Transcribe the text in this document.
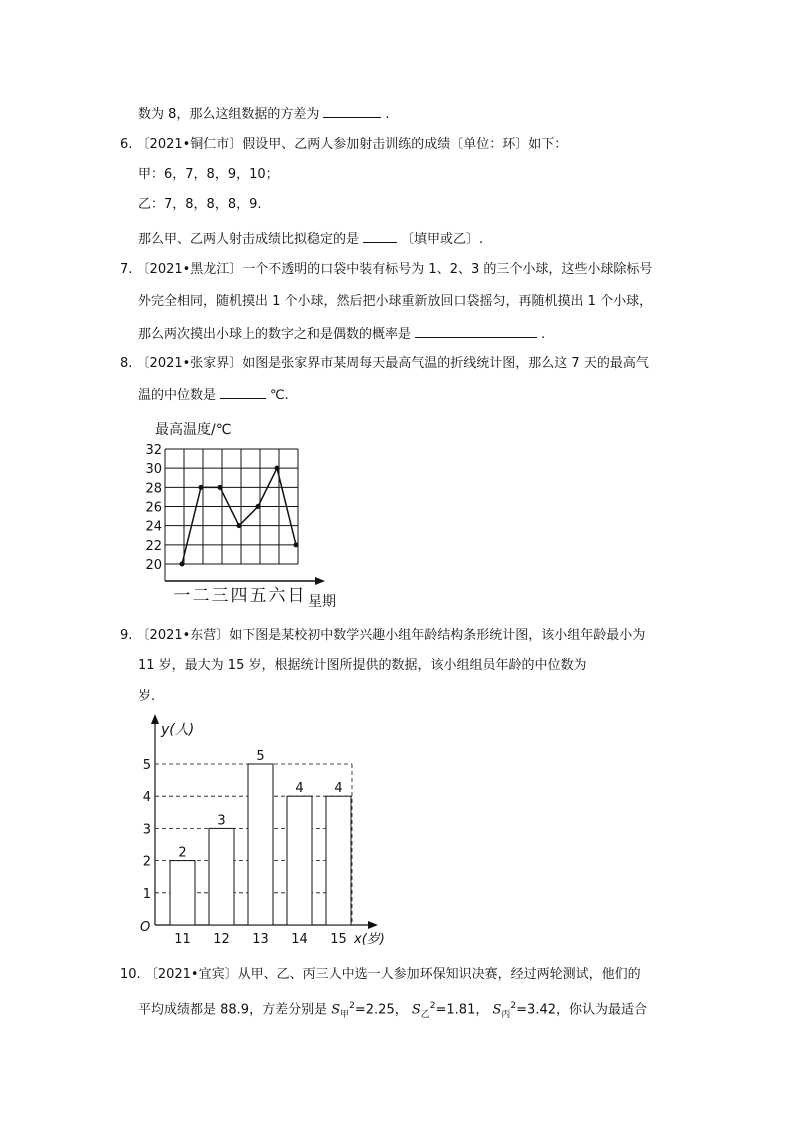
数为 8，那么这组数据的方差为	.
6. 〔2021•铜仁市〕假设甲、乙两人参加射击训练的成绩〔单位：环〕如下：
甲：6，7，8，9，10；
乙：7，8，8，8，9.
那么甲、乙两人射击成绩比拟稳定的是	〔填甲或乙〕.
7. 〔2021•黑龙江〕一个不透明的口袋中装有标号为 1、2、3 的三个小球，这些小球除标号
外完全相同，随机摸出 1 个小球，然后把小球重新放回口袋摇匀，再随机摸出 1 个小球，
那么两次摸出小球上的数字之和是偶数的概率是	.
8. 〔2021•张家界〕如图是张家界市某周每天最高气温的折线统计图，那么这 7 天的最高气
温的中位数是	℃.
最高温度/℃
20
22
24
26
28
30
32
一 二 三 四 五 六 日 星期
9. 〔2021•东营〕如下图是某校初中数学兴趣小组年龄结构条形统计图，该小组年龄最小为
11 岁，最大为 15 岁，根据统计图所提供的数据，该小组组员年龄的中位数为
岁.
y(人)
x(岁)
O
1
2
3
4
5
2
11
3
12
5
13
4
14
4
15
10. 〔2021•宜宾〕从甲、乙、丙三人中选一人参加环保知识决赛，经过两轮测试，他们的
平均成绩都是 88.9，方差分别是 $S_甲^2=2.25$， $S_乙^2=1.81$， $S_丙^2=3.42$，你认为最适合
